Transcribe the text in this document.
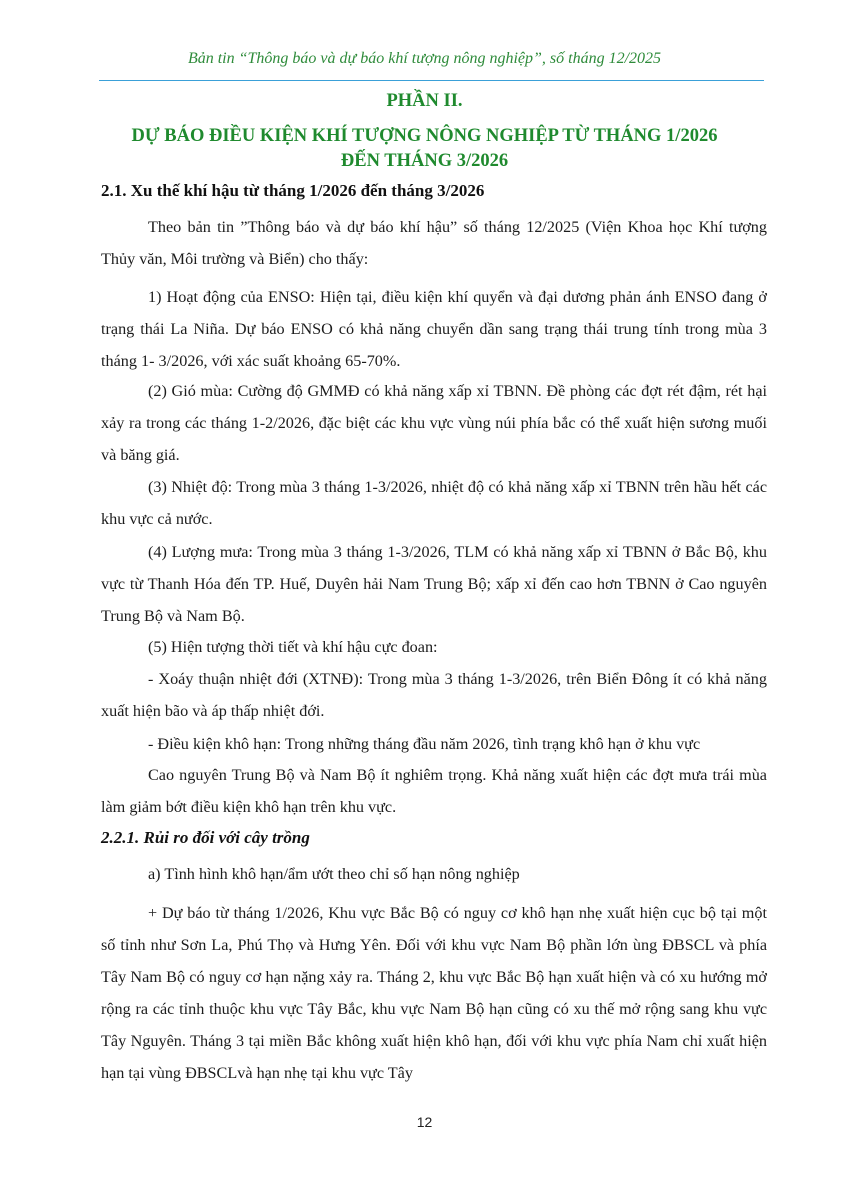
Bản tin “Thông báo và dự báo khí tượng nông nghiệp”, số tháng 12/2025
PHẦN II.
DỰ BÁO ĐIỀU KIỆN KHÍ TƯỢNG NÔNG NGHIỆP TỪ THÁNG 1/2026
ĐẾN THÁNG 3/2026
2.1. Xu thế khí hậu từ tháng 1/2026 đến tháng 3/2026
Theo bản tin ”Thông báo và dự báo khí hậu” số tháng 12/2025 (Viện Khoa học Khí tượng Thủy văn, Môi trường và Biển) cho thấy:
1) Hoạt động của ENSO: Hiện tại, điều kiện khí quyển và đại dương phản ánh ENSO đang ở trạng thái La Niña. Dự báo ENSO có khả năng chuyển dần sang trạng thái trung tính trong mùa 3 tháng 1- 3/2026, với xác suất khoảng 65-70%.
(2) Gió mùa: Cường độ GMMĐ có khả năng xấp xỉ TBNN. Đề phòng các đợt rét đậm, rét hại xảy ra trong các tháng 1-2/2026, đặc biệt các khu vực vùng núi phía bắc có thể xuất hiện sương muối và băng giá.
(3) Nhiệt độ: Trong mùa 3 tháng 1-3/2026, nhiệt độ có khả năng xấp xỉ TBNN trên hầu hết các khu vực cả nước.
(4) Lượng mưa: Trong mùa 3 tháng 1-3/2026, TLM có khả năng xấp xỉ TBNN ở Bắc Bộ, khu vực từ Thanh Hóa đến TP. Huế, Duyên hải Nam Trung Bộ; xấp xỉ đến cao hơn TBNN ở Cao nguyên Trung Bộ và Nam Bộ.
(5) Hiện tượng thời tiết và khí hậu cực đoan:
- Xoáy thuận nhiệt đới (XTNĐ): Trong mùa 3 tháng 1-3/2026, trên Biển Đông ít có khả năng xuất hiện bão và áp thấp nhiệt đới.
- Điều kiện khô hạn: Trong những tháng đầu năm 2026, tình trạng khô hạn ở khu vực
Cao nguyên Trung Bộ và Nam Bộ ít nghiêm trọng. Khả năng xuất hiện các đợt mưa trái mùa làm giảm bớt điều kiện khô hạn trên khu vực.
2.2.1. Rủi ro đối với cây trồng
a) Tình hình khô hạn/ẩm ướt theo chỉ số hạn nông nghiệp
+ Dự báo từ tháng 1/2026, Khu vực Bắc Bộ có nguy cơ khô hạn nhẹ xuất hiện cục bộ tại một số tỉnh như Sơn La, Phú Thọ và Hưng Yên. Đối với khu vực Nam Bộ phần lớn ùng ĐBSCL và phía Tây Nam Bộ có nguy cơ hạn nặng xảy ra. Tháng 2, khu vực Bắc Bộ hạn xuất hiện và có xu hướng mở rộng ra các tỉnh thuộc khu vực Tây Bắc, khu vực Nam Bộ hạn cũng có xu thế mở rộng sang khu vực Tây Nguyên. Tháng 3 tại miền Bắc không xuất hiện khô hạn, đối với khu vực phía Nam chỉ xuất hiện hạn tại vùng ĐBSCLvà hạn nhẹ tại khu vực Tây
12
